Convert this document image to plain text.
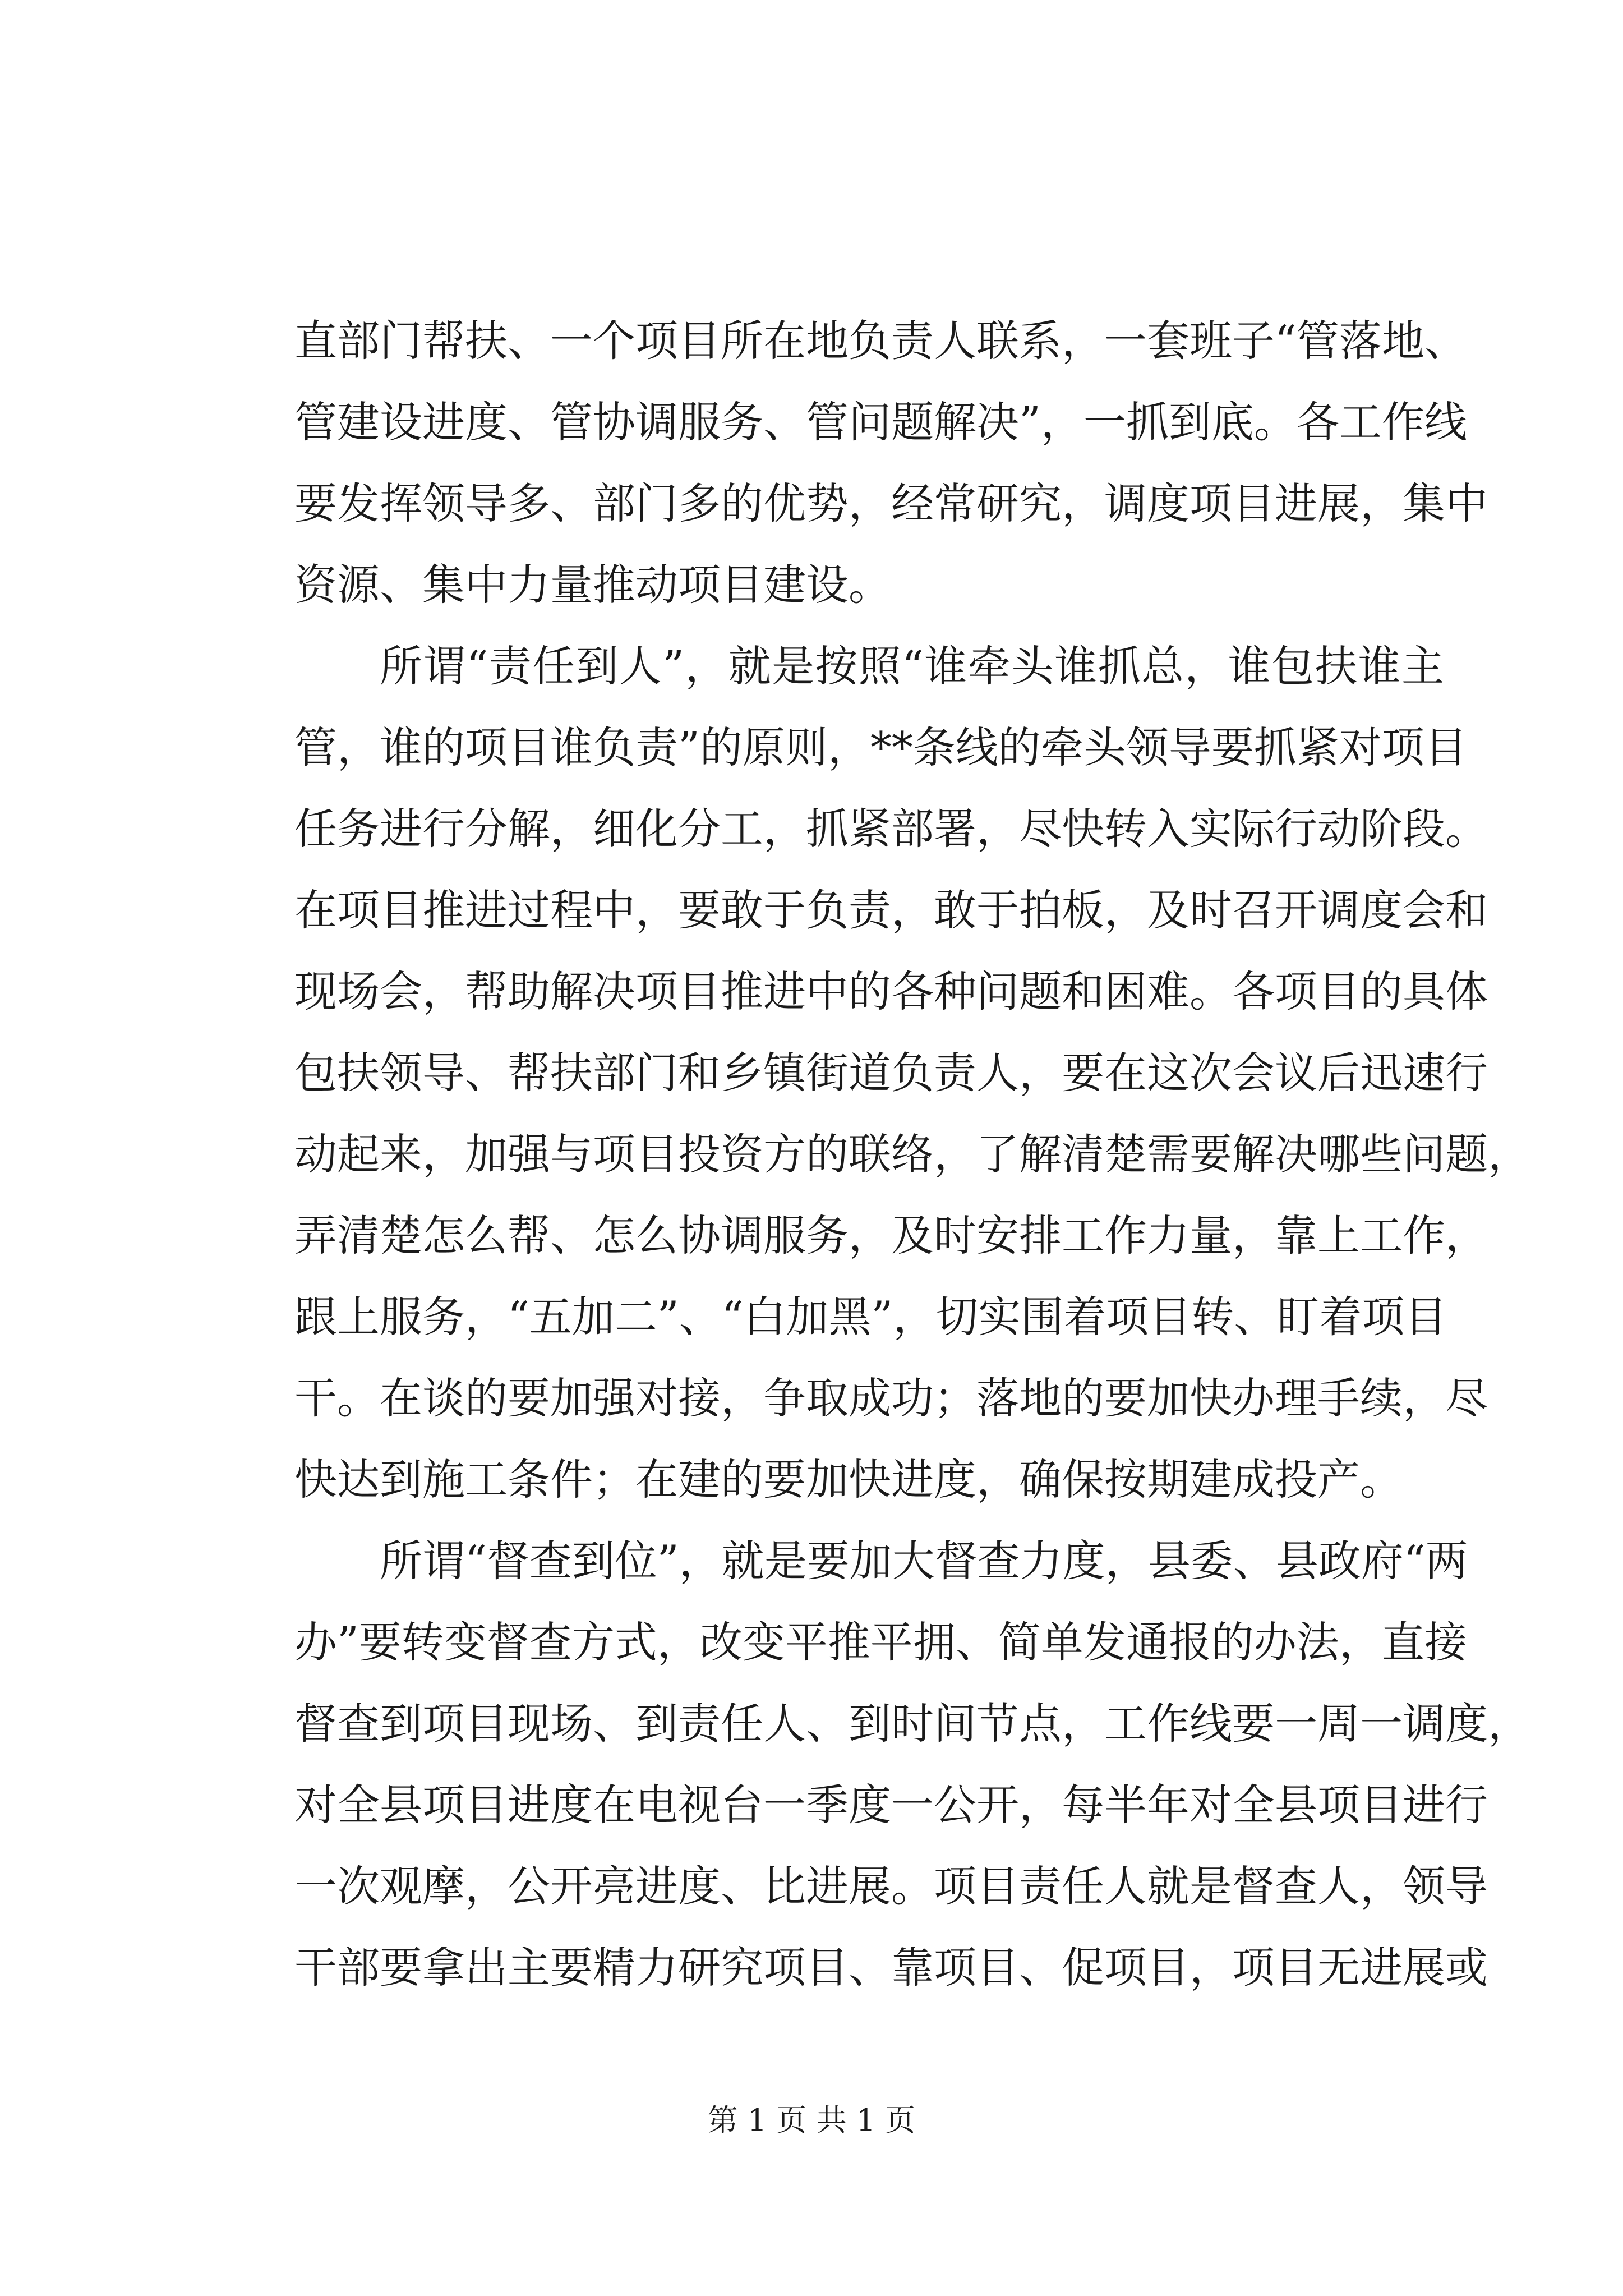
直部门帮扶、一个项目所在地负责人联系，一套班子“管落地、
管建设进度、管协调服务、管问题解决”，一抓到底。各工作线
要发挥领导多、部门多的优势，经常研究，调度项目进展，集中
资源、集中力量推动项目建设。
所谓“责任到人”，就是按照“谁牵头谁抓总，谁包扶谁主
管，谁的项目谁负责”的原则，**条线的牵头领导要抓紧对项目
任务进行分解，细化分工，抓紧部署，尽快转入实际行动阶段。
在项目推进过程中，要敢于负责，敢于拍板，及时召开调度会和
现场会，帮助解决项目推进中的各种问题和困难。各项目的具体
包扶领导、帮扶部门和乡镇街道负责人，要在这次会议后迅速行
动起来，加强与项目投资方的联络，了解清楚需要解决哪些问题，
弄清楚怎么帮、怎么协调服务，及时安排工作力量，靠上工作，
跟上服务，“五加二”、“白加黑”，切实围着项目转、盯着项目
干。在谈的要加强对接，争取成功；落地的要加快办理手续，尽
快达到施工条件；在建的要加快进度，确保按期建成投产。
所谓“督查到位”，就是要加大督查力度，县委、县政府“两
办”要转变督查方式，改变平推平拥、简单发通报的办法，直接
督查到项目现场、到责任人、到时间节点，工作线要一周一调度，
对全县项目进度在电视台一季度一公开，每半年对全县项目进行
一次观摩，公开亮进度、比进展。项目责任人就是督查人，领导
干部要拿出主要精力研究项目、靠项目、促项目，项目无进展或
第 1 页 共 1 页
